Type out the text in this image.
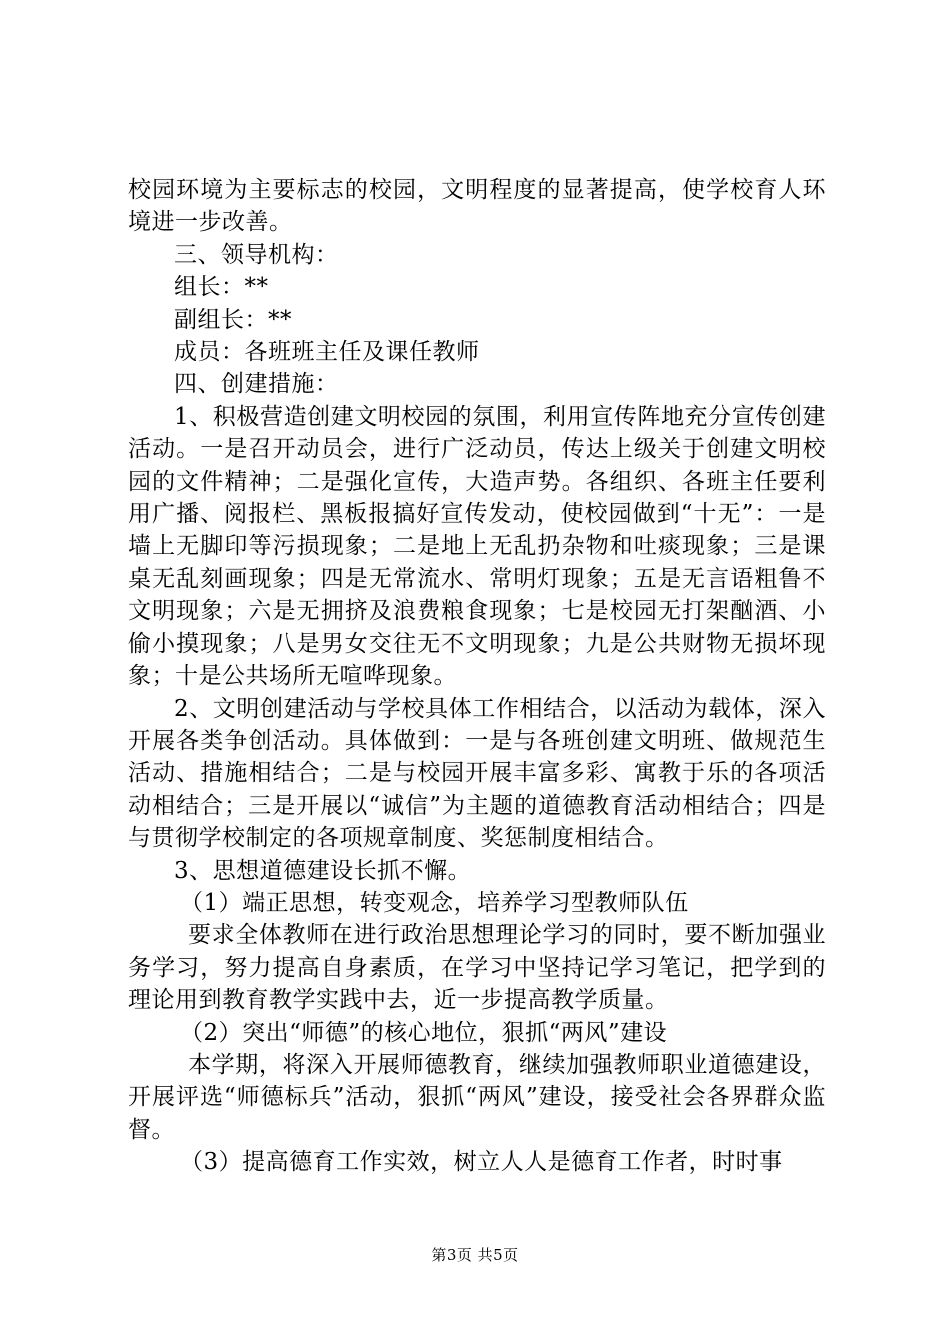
校园环境为主要标志的校园，文明程度的显著提高，使学校育人环境进一步改善。

三、领导机构：

组长：**

副组长：**

成员：各班班主任及课任教师

四、创建措施：

1、积极营造创建文明校园的氛围，利用宣传阵地充分宣传创建活动。一是召开动员会，进行广泛动员，传达上级关于创建文明校园的文件精神；二是强化宣传，大造声势。各组织、各班主任要利用广播、阅报栏、黑板报搞好宣传发动，使校园做到“十无”：一是墙上无脚印等污损现象；二是地上无乱扔杂物和吐痰现象；三是课桌无乱刻画现象；四是无常流水、常明灯现象；五是无言语粗鲁不文明现象；六是无拥挤及浪费粮食现象；七是校园无打架酗酒、小偷小摸现象；八是男女交往无不文明现象；九是公共财物无损坏现象；十是公共场所无喧哗现象。

2、文明创建活动与学校具体工作相结合，以活动为载体，深入开展各类争创活动。具体做到：一是与各班创建文明班、做规范生活动、措施相结合；二是与校园开展丰富多彩、寓教于乐的各项活动相结合；三是开展以“诚信”为主题的道德教育活动相结合；四是与贯彻学校制定的各项规章制度、奖惩制度相结合。

3、思想道德建设长抓不懈。

（1）端正思想，转变观念，培养学习型教师队伍

要求全体教师在进行政治思想理论学习的同时，要不断加强业务学习，努力提高自身素质，在学习中坚持记学习笔记，把学到的理论用到教育教学实践中去，近一步提高教学质量。

（2）突出“师德”的核心地位，狠抓“两风”建设

本学期，将深入开展师德教育，继续加强教师职业道德建设，开展评选“师德标兵”活动，狠抓“两风”建设，接受社会各界群众监督。

（3）提高德育工作实效，树立人人是德育工作者，时时事

第3页 共5页
